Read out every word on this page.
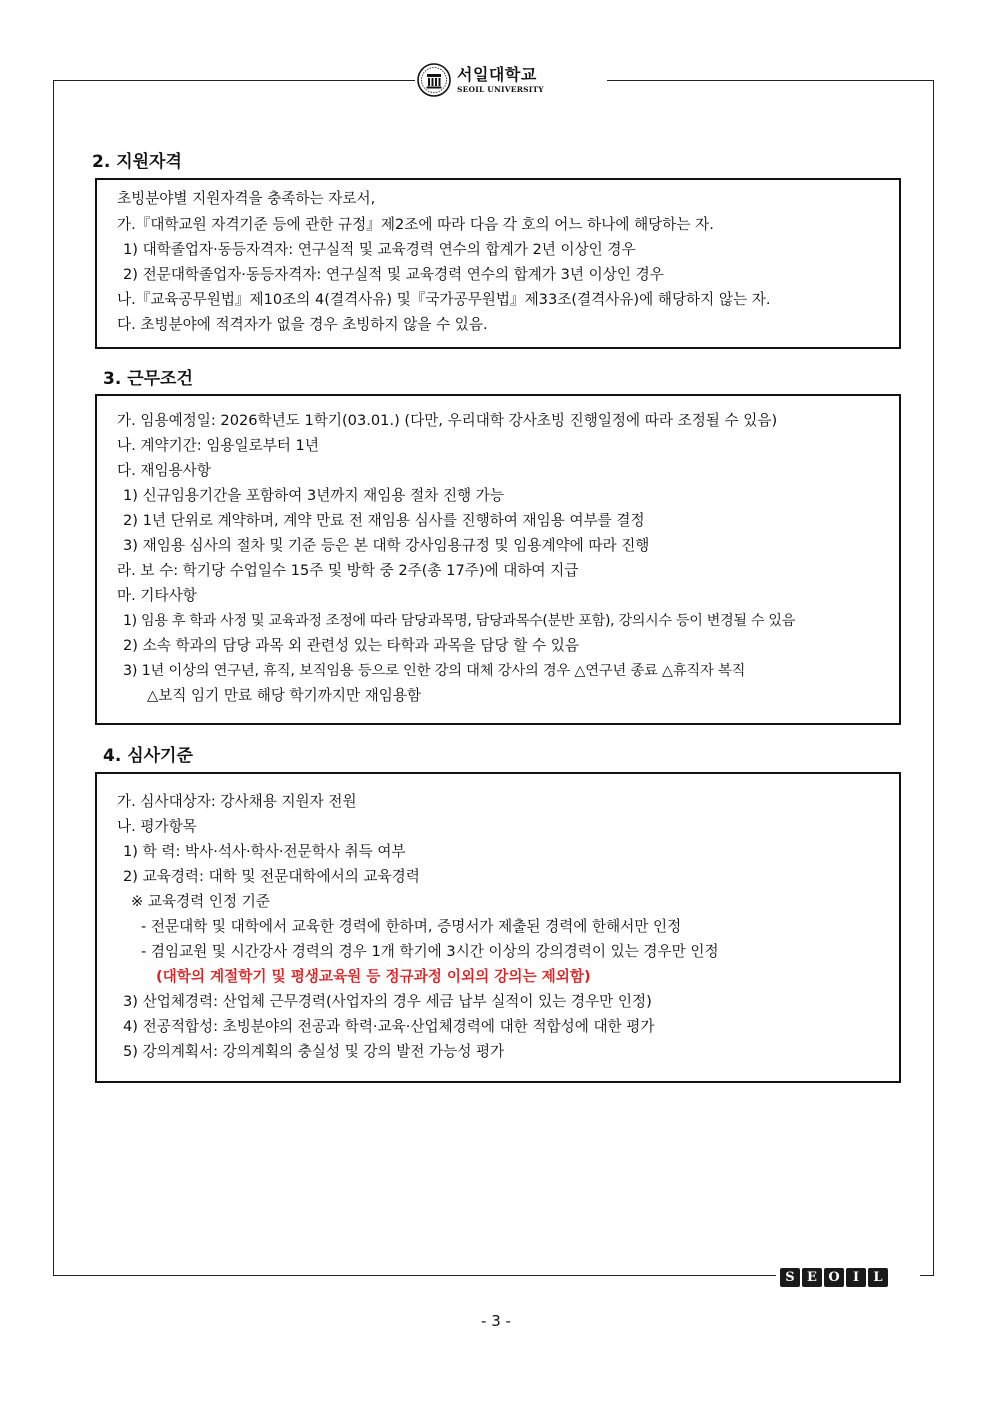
서일대학교
SEOIL UNIVERSITY
2. 지원자격
초빙분야별 지원자격을 충족하는 자로서,
가.『대학교원 자격기준 등에 관한 규정』제2조에 따라 다음 각 호의 어느 하나에 해당하는 자.
1) 대학졸업자·동등자격자: 연구실적 및 교육경력 연수의 합계가 2년 이상인 경우
2) 전문대학졸업자·동등자격자: 연구실적 및 교육경력 연수의 합계가 3년 이상인 경우
나.『교육공무원법』제10조의 4(결격사유) 및『국가공무원법』제33조(결격사유)에 해당하지 않는 자.
다. 초빙분야에 적격자가 없을 경우 초빙하지 않을 수 있음.
3. 근무조건
가. 임용예정일: 2026학년도 1학기(03.01.) (다만, 우리대학 강사초빙 진행일정에 따라 조정될 수 있음)
나. 계약기간: 임용일로부터 1년
다. 재임용사항
1) 신규임용기간을 포함하여 3년까지 재임용 절차 진행 가능
2) 1년 단위로 계약하며, 계약 만료 전 재임용 심사를 진행하여 재임용 여부를 결정
3) 재임용 심사의 절차 및 기준 등은 본 대학 강사임용규정 및 임용계약에 따라 진행
라. 보 수: 학기당 수업일수 15주 및 방학 중 2주(총 17주)에 대하여 지급
마. 기타사항
1) 임용 후 학과 사정 및 교육과정 조정에 따라 담당과목명, 담당과목수(분반 포함), 강의시수 등이 변경될 수 있음
2) 소속 학과의 담당 과목 외 관련성 있는 타학과 과목을 담당 할 수 있음
3) 1년 이상의 연구년, 휴직, 보직임용 등으로 인한 강의 대체 강사의 경우 △연구년 종료 △휴직자 복직
△보직 임기 만료 해당 학기까지만 재임용함
4. 심사기준
가. 심사대상자: 강사채용 지원자 전원
나. 평가항목
1) 학 력: 박사·석사·학사·전문학사 취득 여부
2) 교육경력: 대학 및 전문대학에서의 교육경력
※ 교육경력 인정 기준
- 전문대학 및 대학에서 교육한 경력에 한하며, 증명서가 제출된 경력에 한해서만 인정
- 겸임교원 및 시간강사 경력의 경우 1개 학기에 3시간 이상의 강의경력이 있는 경우만 인정
(대학의 계절학기 및 평생교육원 등 정규과정 이외의 강의는 제외함)
3) 산업체경력: 산업체 근무경력(사업자의 경우 세금 납부 실적이 있는 경우만 인정)
4) 전공적합성: 초빙분야의 전공과 학력·교육·산업체경력에 대한 적합성에 대한 평가
5) 강의계획서: 강의계획의 충실성 및 강의 발전 가능성 평가
S E O	I	L
- 3 -
